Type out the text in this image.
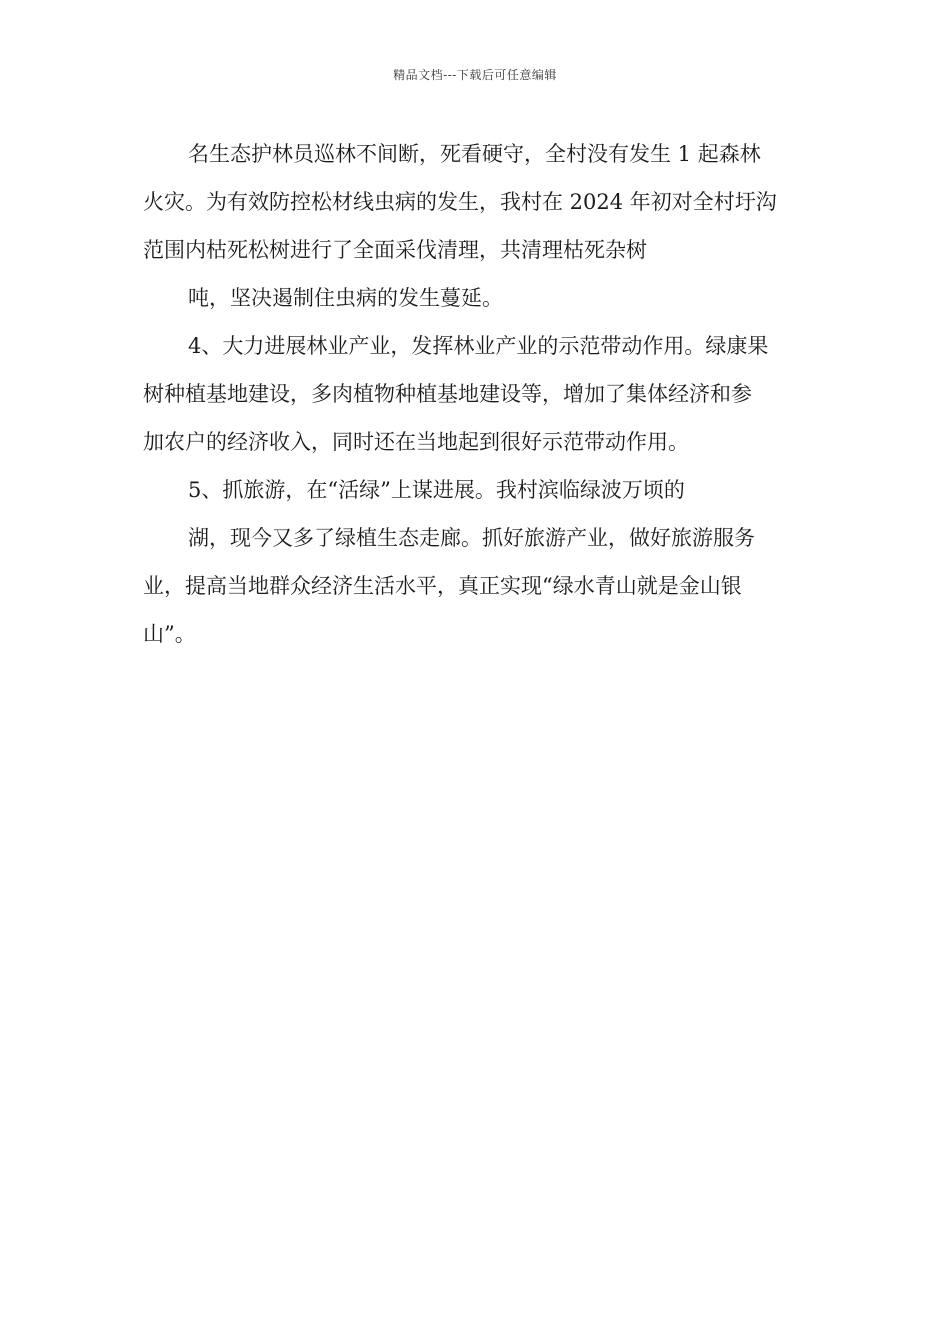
精品文档---下载后可任意编辑

名生态护林员巡林不间断，死看硬守，全村没有发生 1 起森林

火灾。为有效防控松材线虫病的发生，我村在 2024 年初对全村圩沟

范围内枯死松树进行了全面采伐清理，共清理枯死杂树

吨，坚决遏制住虫病的发生蔓延。

4、大力进展林业产业，发挥林业产业的示范带动作用。绿康果

树种植基地建设，多肉植物种植基地建设等，增加了集体经济和参

加农户的经济收入，同时还在当地起到很好示范带动作用。

5、抓旅游，在“活绿”上谋进展。我村滨临绿波万顷的

湖，现今又多了绿植生态走廊。抓好旅游产业，做好旅游服务

业，提高当地群众经济生活水平，真正实现“绿水青山就是金山银

山”。
